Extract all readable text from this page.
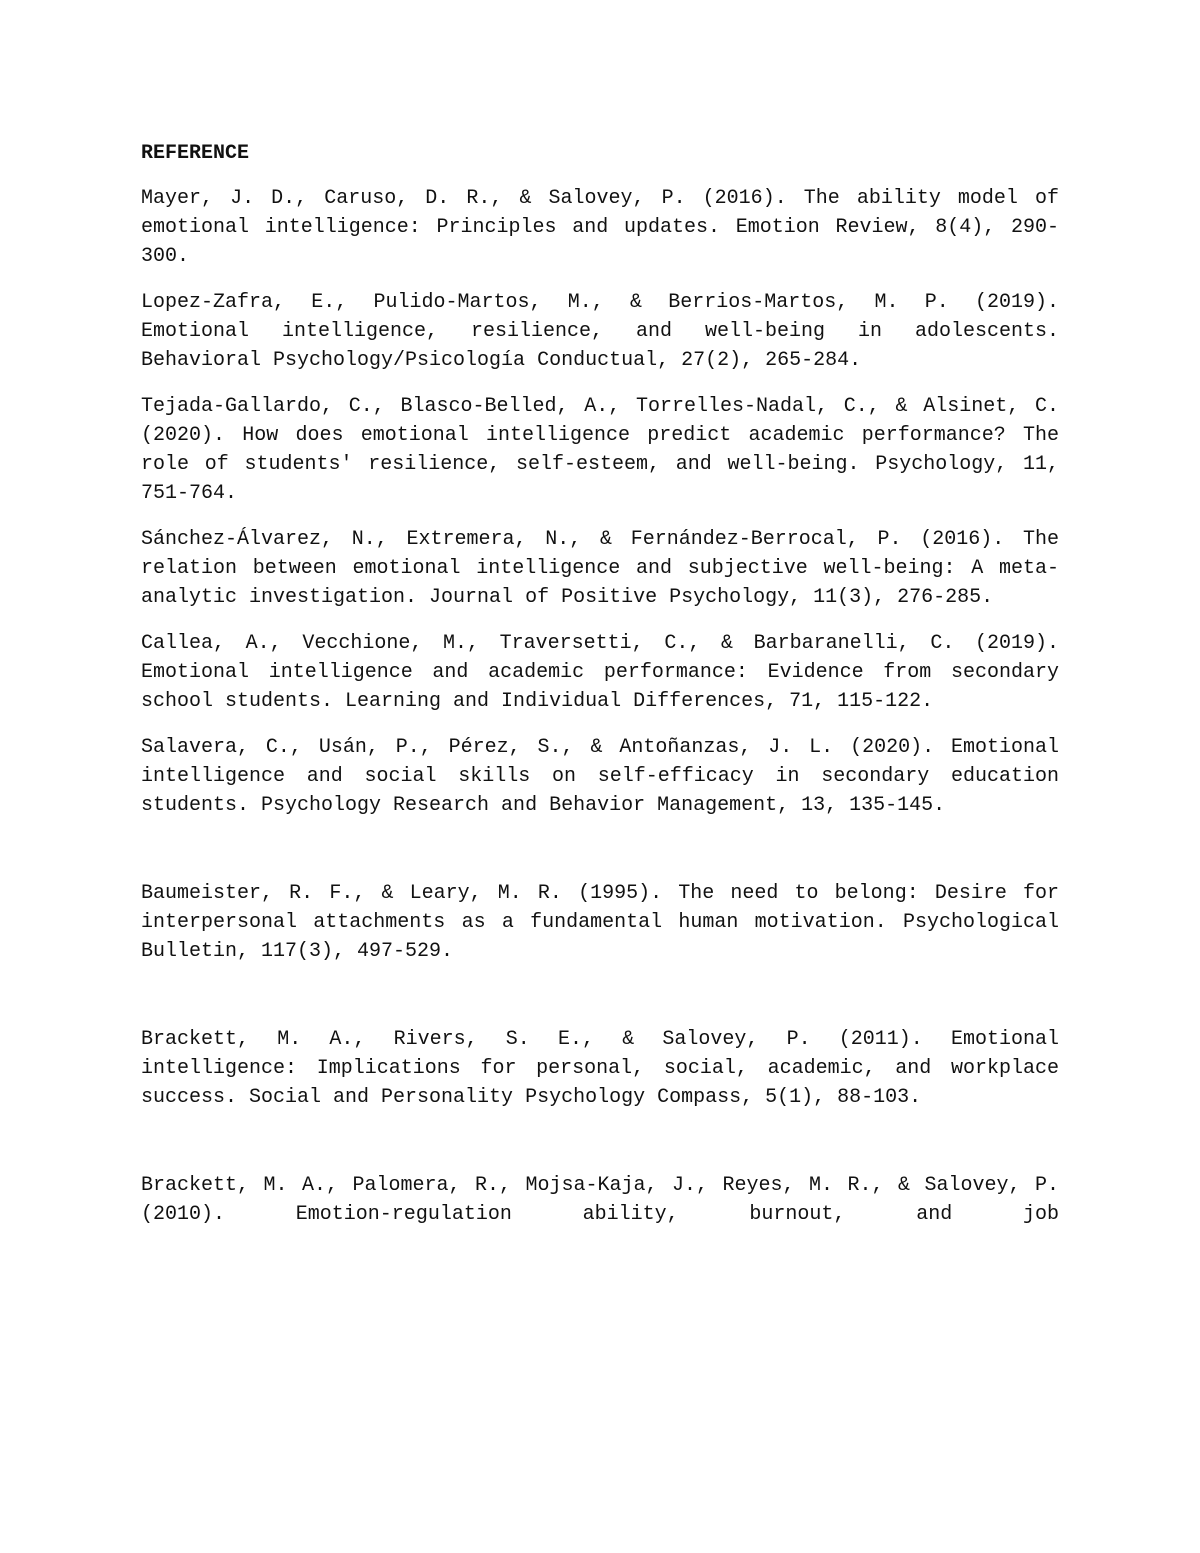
REFERENCE

Mayer, J. D., Caruso, D. R., & Salovey, P. (2016). The ability model of emotional intelligence: Principles and updates. Emotion Review, 8(4), 290-300.

Lopez-Zafra, E., Pulido-Martos, M., & Berrios-Martos, M. P. (2019). Emotional intelligence, resilience, and well-being in adolescents. Behavioral Psychology/Psicología Conductual, 27(2), 265-284.

Tejada-Gallardo, C., Blasco-Belled, A., Torrelles-Nadal, C., & Alsinet, C. (2020). How does emotional intelligence predict academic performance? The role of students' resilience, self-esteem, and well-being. Psychology, 11, 751-764.

Sánchez-Álvarez, N., Extremera, N., & Fernández-Berrocal, P. (2016). The relation between emotional intelligence and subjective well-being: A meta-analytic investigation. Journal of Positive Psychology, 11(3), 276-285.

Callea, A., Vecchione, M., Traversetti, C., & Barbaranelli, C. (2019). Emotional intelligence and academic performance: Evidence from secondary school students. Learning and Individual Differences, 71, 115-122.

Salavera, C., Usán, P., Pérez, S., & Antoñanzas, J. L. (2020). Emotional intelligence and social skills on self-efficacy in secondary education students. Psychology Research and Behavior Management, 13, 135-145.

Baumeister, R. F., & Leary, M. R. (1995). The need to belong: Desire for interpersonal attachments as a fundamental human motivation. Psychological Bulletin, 117(3), 497-529.

Brackett, M. A., Rivers, S. E., & Salovey, P. (2011). Emotional intelligence: Implications for personal, social, academic, and workplace success. Social and Personality Psychology Compass, 5(1), 88-103.

Brackett, M. A., Palomera, R., Mojsa-Kaja, J., Reyes, M. R., & Salovey, P. (2010). Emotion-regulation ability, burnout, and job
